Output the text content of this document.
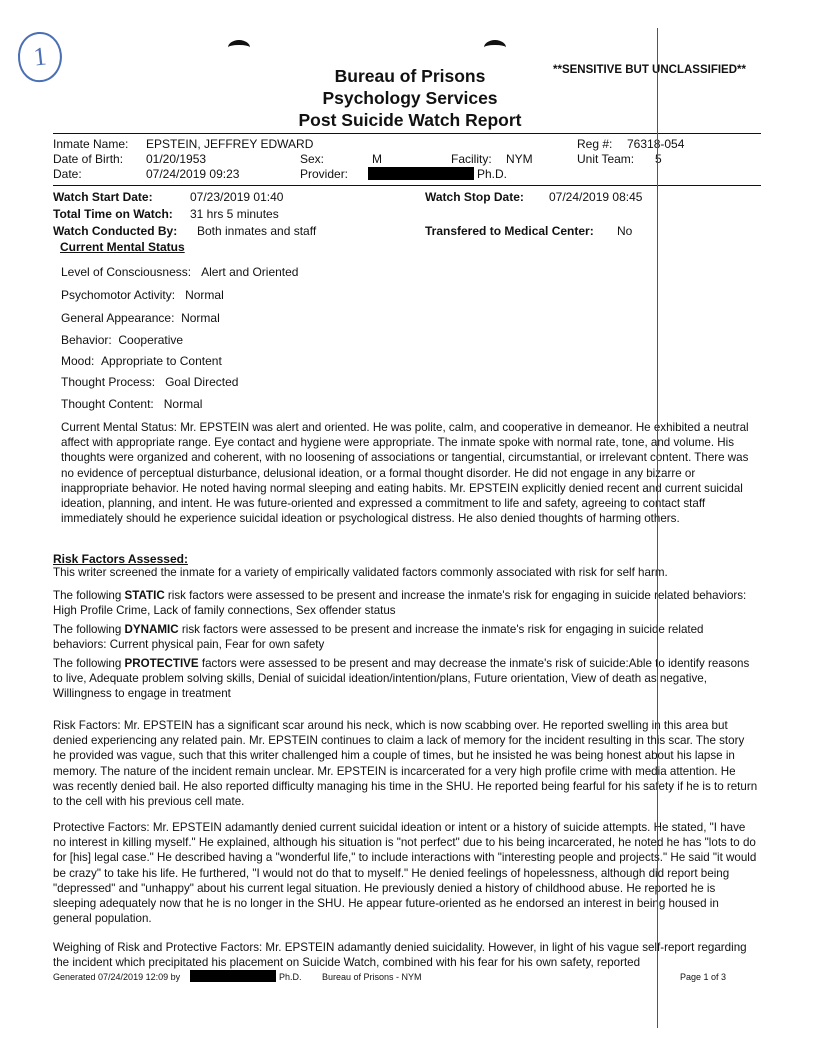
1	**SENSITIVE BUT UNCLASSIFIED**
Bureau of Prisons
Psychology Services
Post Suicide Watch Report
Inmate Name: EPSTEIN, JEFFREY EDWARD	Reg #: 76318-054
Date of Birth: 01/20/1953	Sex:	M	Facility: NYM	Unit Team: 5
Date:	07/24/2019 09:23	Provider:	Ph.D.
Watch Start Date:	07/23/2019 01:40	Watch Stop Date: 07/24/2019 08:45
Total Time on Watch: 31 hrs 5 minutes
Watch Conducted By: Both inmates and staff	Transfered to Medical Center: No
Current Mental Status
Level of Consciousness: Alert and Oriented
Psychomotor Activity: Normal
General Appearance: Normal
Behavior: Cooperative
Mood: Appropriate to Content
Thought Process: Goal Directed
Thought Content: Normal
Current Mental Status: Mr. EPSTEIN was alert and oriented. He was polite, calm, and cooperative in demeanor. He exhibited a neutral affect with appropriate range. Eye contact and hygiene were appropriate. The inmate spoke with normal rate, tone, and volume. His thoughts were organized and coherent, with no loosening of associations or tangential, circumstantial, or irrelevant content. There was no evidence of perceptual disturbance, delusional ideation, or a formal thought disorder. He did not engage in any bizarre or inappropriate behavior. He noted having normal sleeping and eating habits. Mr. EPSTEIN explicitly denied recent and current suicidal ideation, planning, and intent. He was future-oriented and expressed a commitment to life and safety, agreeing to contact staff immediately should he experience suicidal ideation or psychological distress. He also denied thoughts of harming others.
Risk Factors Assessed:
This writer screened the inmate for a variety of empirically validated factors commonly associated with risk for self harm.
The following STATIC risk factors were assessed to be present and increase the inmate's risk for engaging in suicide related behaviors: High Profile Crime, Lack of family connections, Sex offender status
The following DYNAMIC risk factors were assessed to be present and increase the inmate's risk for engaging in suicide related behaviors: Current physical pain, Fear for own safety
The following PROTECTIVE factors were assessed to be present and may decrease the inmate's risk of suicide:Able to identify reasons to live, Adequate problem solving skills, Denial of suicidal ideation/intention/plans, Future orientation, View of death as negative, Willingness to engage in treatment
Risk Factors: Mr. EPSTEIN has a significant scar around his neck, which is now scabbing over. He reported swelling in this area but denied experiencing any related pain. Mr. EPSTEIN continues to claim a lack of memory for the incident resulting in this scar. The story he provided was vague, such that this writer challenged him a couple of times, but he insisted he was being honest about his lapse in memory. The nature of the incident remain unclear. Mr. EPSTEIN is incarcerated for a very high profile crime with media attention. He was recently denied bail. He also reported difficulty managing his time in the SHU. He reported being fearful for his safety if he is to return to the cell with his previous cell mate.
Protective Factors: Mr. EPSTEIN adamantly denied current suicidal ideation or intent or a history of suicide attempts. He stated, "I have no interest in killing myself." He explained, although his situation is "not perfect" due to his being incarcerated, he noted he has "lots to do for [his] legal case." He described having a "wonderful life," to include interactions with "interesting people and projects." He said "it would be crazy" to take his life. He furthered, "I would not do that to myself." He denied feelings of hopelessness, although did report being "depressed" and "unhappy" about his current legal situation. He previously denied a history of childhood abuse. He reported he is sleeping adequately now that he is no longer in the SHU. He appear future-oriented as he endorsed an interest in being housed in general population.
Weighing of Risk and Protective Factors: Mr. EPSTEIN adamantly denied suicidality. However, in light of his vague self-report regarding the incident which precipitated his placement on Suicide Watch, combined with his fear for his own safety, reported
Generated 07/24/2019 12:09 by	Ph.D. Bureau of Prisons - NYM	Page 1 of 3
